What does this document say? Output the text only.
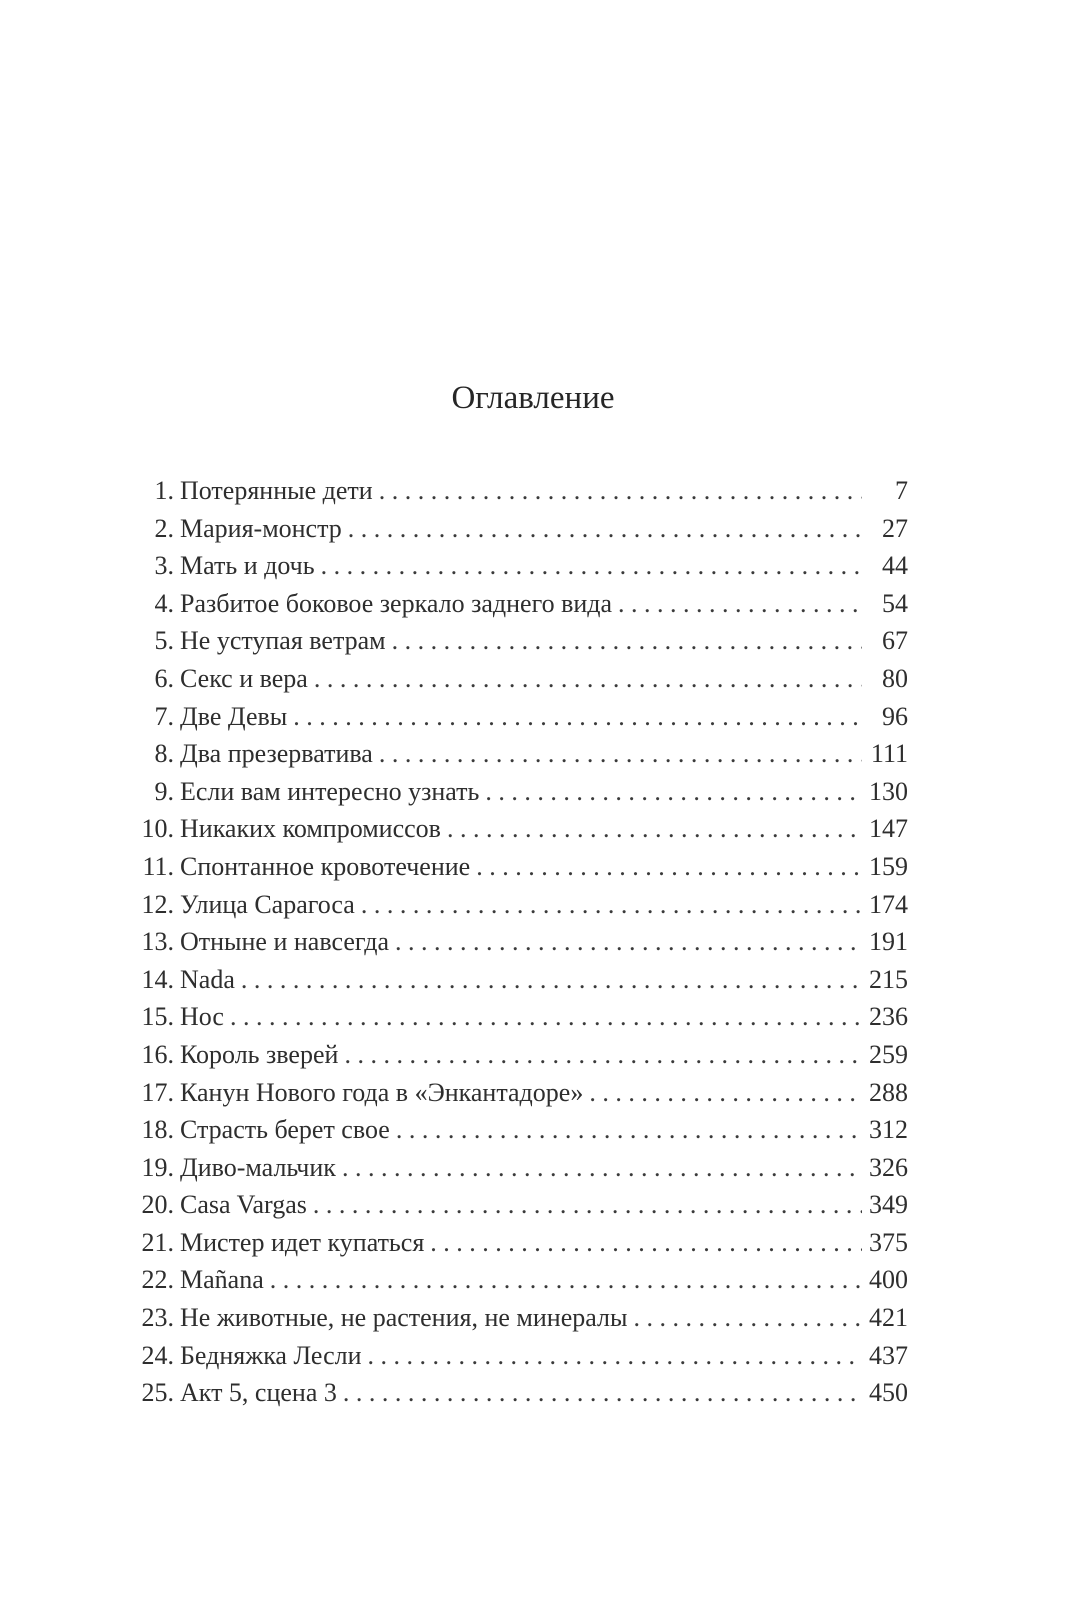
Оглавление
1. Потерянные дети . . .	7
2. Мария-монстр . . .	27
3. Мать и дочь . . .	44
4. Разбитое боковое зеркало заднего вида . . .	54
5. Не уступая ветрам . . .	67
6. Секс и вера . . .	80
7. Две Девы . . .	96
8. Два презерватива . . .	111
9. Если вам интересно узнать . . .	130
10. Никаких компромиссов . . .	147
11. Спонтанное кровотечение . . .	159
12. Улица Сарагоса . . .	174
13. Отныне и навсегда . . .	191
14. Nada . . .	215
15. Нос . . .	236
16. Король зверей . . .	259
17. Канун Нового года в «Энкантадоре» . . .	288
18. Страсть берет свое . . .	312
19. Диво-мальчик . . .	326
20. Casa Vargas . . .	349
21. Мистер идет купаться . . .	375
22. Mañana . . .	400
23. Не животные, не растения, не минералы . . .	421
24. Бедняжка Лесли . . .	437
25. Акт 5, сцена 3 . . .	450
